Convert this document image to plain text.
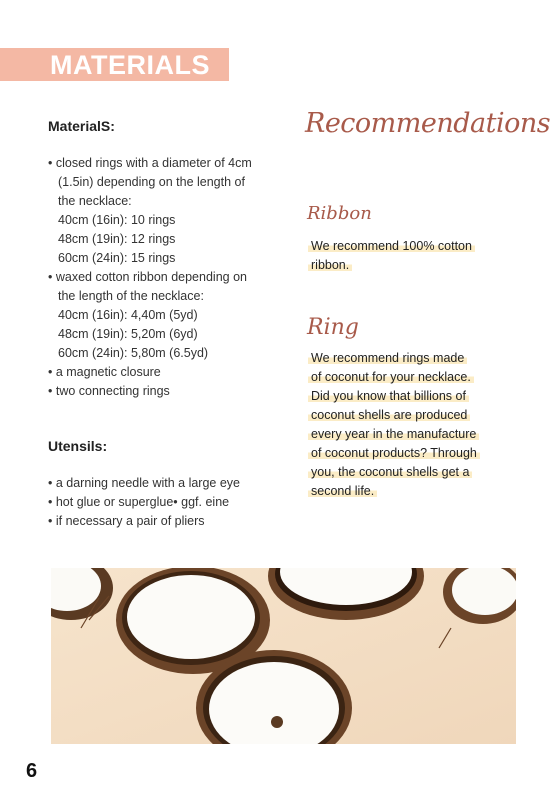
MATERIALS
MaterialS:
• closed rings with a diameter of 4cm
(1.5in) depending on the length of
the necklace:
40cm (16in): 10 rings
48cm (19in): 12 rings
60cm (24in): 15 rings
• waxed cotton ribbon depending on
the length of the necklace:
40cm (16in): 4,40m (5yd)
48cm (19in): 5,20m (6yd)
60cm (24in): 5,80m (6.5yd)
• a magnetic closure
• two connecting rings
Utensils:
• a darning needle with a large eye
• hot glue or superglue• ggf. eine
• if necessary a pair of pliers
Recommendations
Ribbon
We recommend 100% cotton
ribbon.
Ring
We recommend rings made
of coconut for your necklace.
Did you know that billions of
coconut shells are produced
every year in the manufacture
of coconut products? Through
you, the coconut shells get a
second life.
6
